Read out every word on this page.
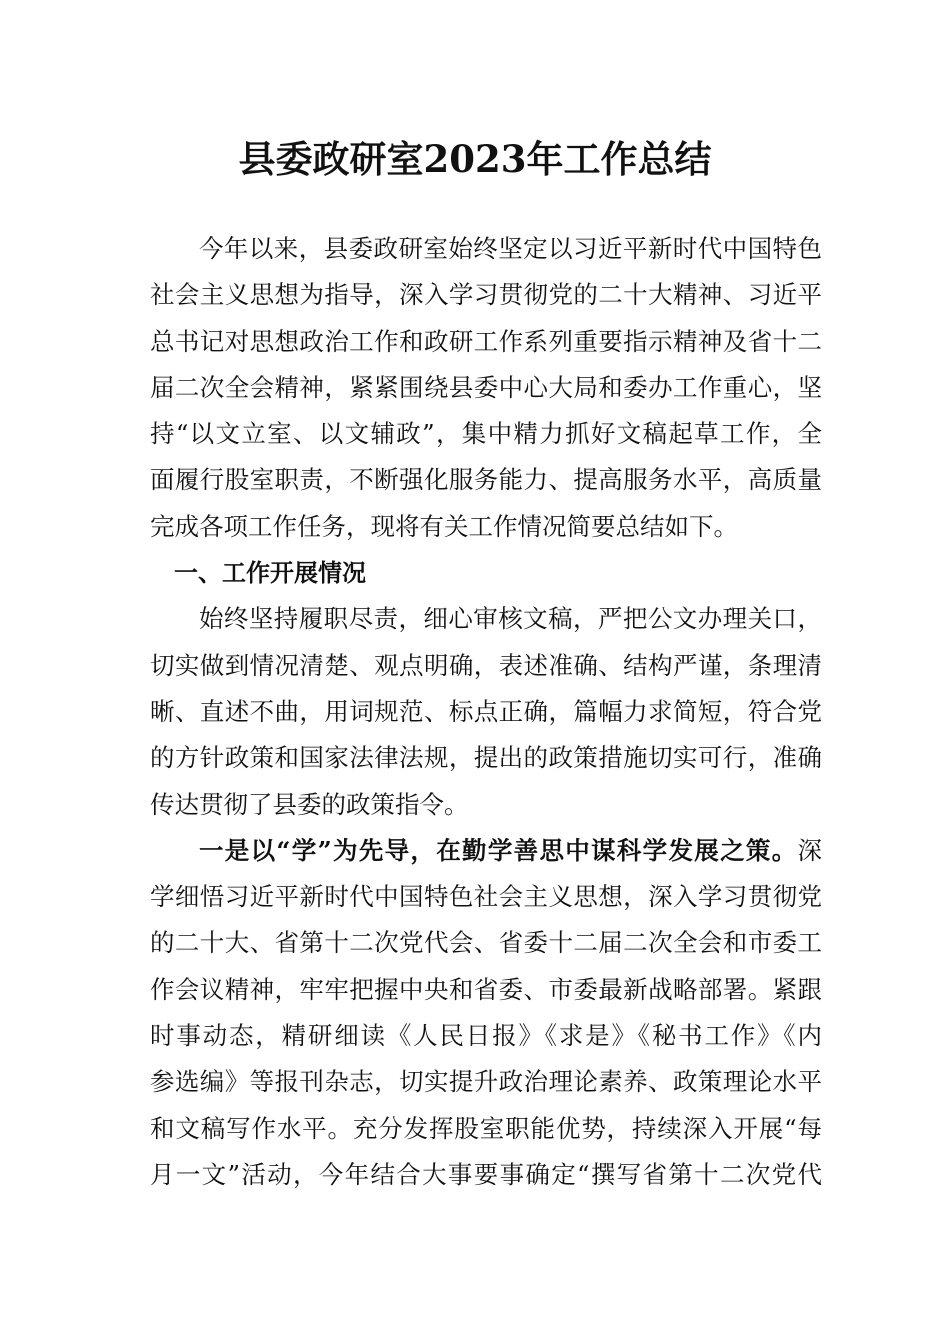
县委政研室2023年工作总结
今年以来，县委政研室始终坚定以习近平新时代中国特色
社会主义思想为指导，深入学习贯彻党的二十大精神、习近平
总书记对思想政治工作和政研工作系列重要指示精神及省十二
届二次全会精神，紧紧围绕县委中心大局和委办工作重心，坚
持“以文立室、以文辅政”，集中精力抓好文稿起草工作，全
面履行股室职责，不断强化服务能力、提高服务水平，高质量
完成各项工作任务，现将有关工作情况简要总结如下。
一、工作开展情况
始终坚持履职尽责，细心审核文稿，严把公文办理关口，
切实做到情况清楚、观点明确，表述准确、结构严谨，条理清
晰、直述不曲，用词规范、标点正确，篇幅力求简短，符合党
的方针政策和国家法律法规，提出的政策措施切实可行，准确
传达贯彻了县委的政策指令。
一是以“学”为先导，在勤学善思中谋科学发展之策。深
学细悟习近平新时代中国特色社会主义思想，深入学习贯彻党
的二十大、省第十二次党代会、省委十二届二次全会和市委工
作会议精神，牢牢把握中央和省委、市委最新战略部署。紧跟
时事动态，精研细读《人民日报》《求是》《秘书工作》《内
参选编》等报刊杂志，切实提升政治理论素养、政策理论水平
和文稿写作水平。充分发挥股室职能优势，持续深入开展“每
月一文”活动，今年结合大事要事确定“撰写省第十二次党代
